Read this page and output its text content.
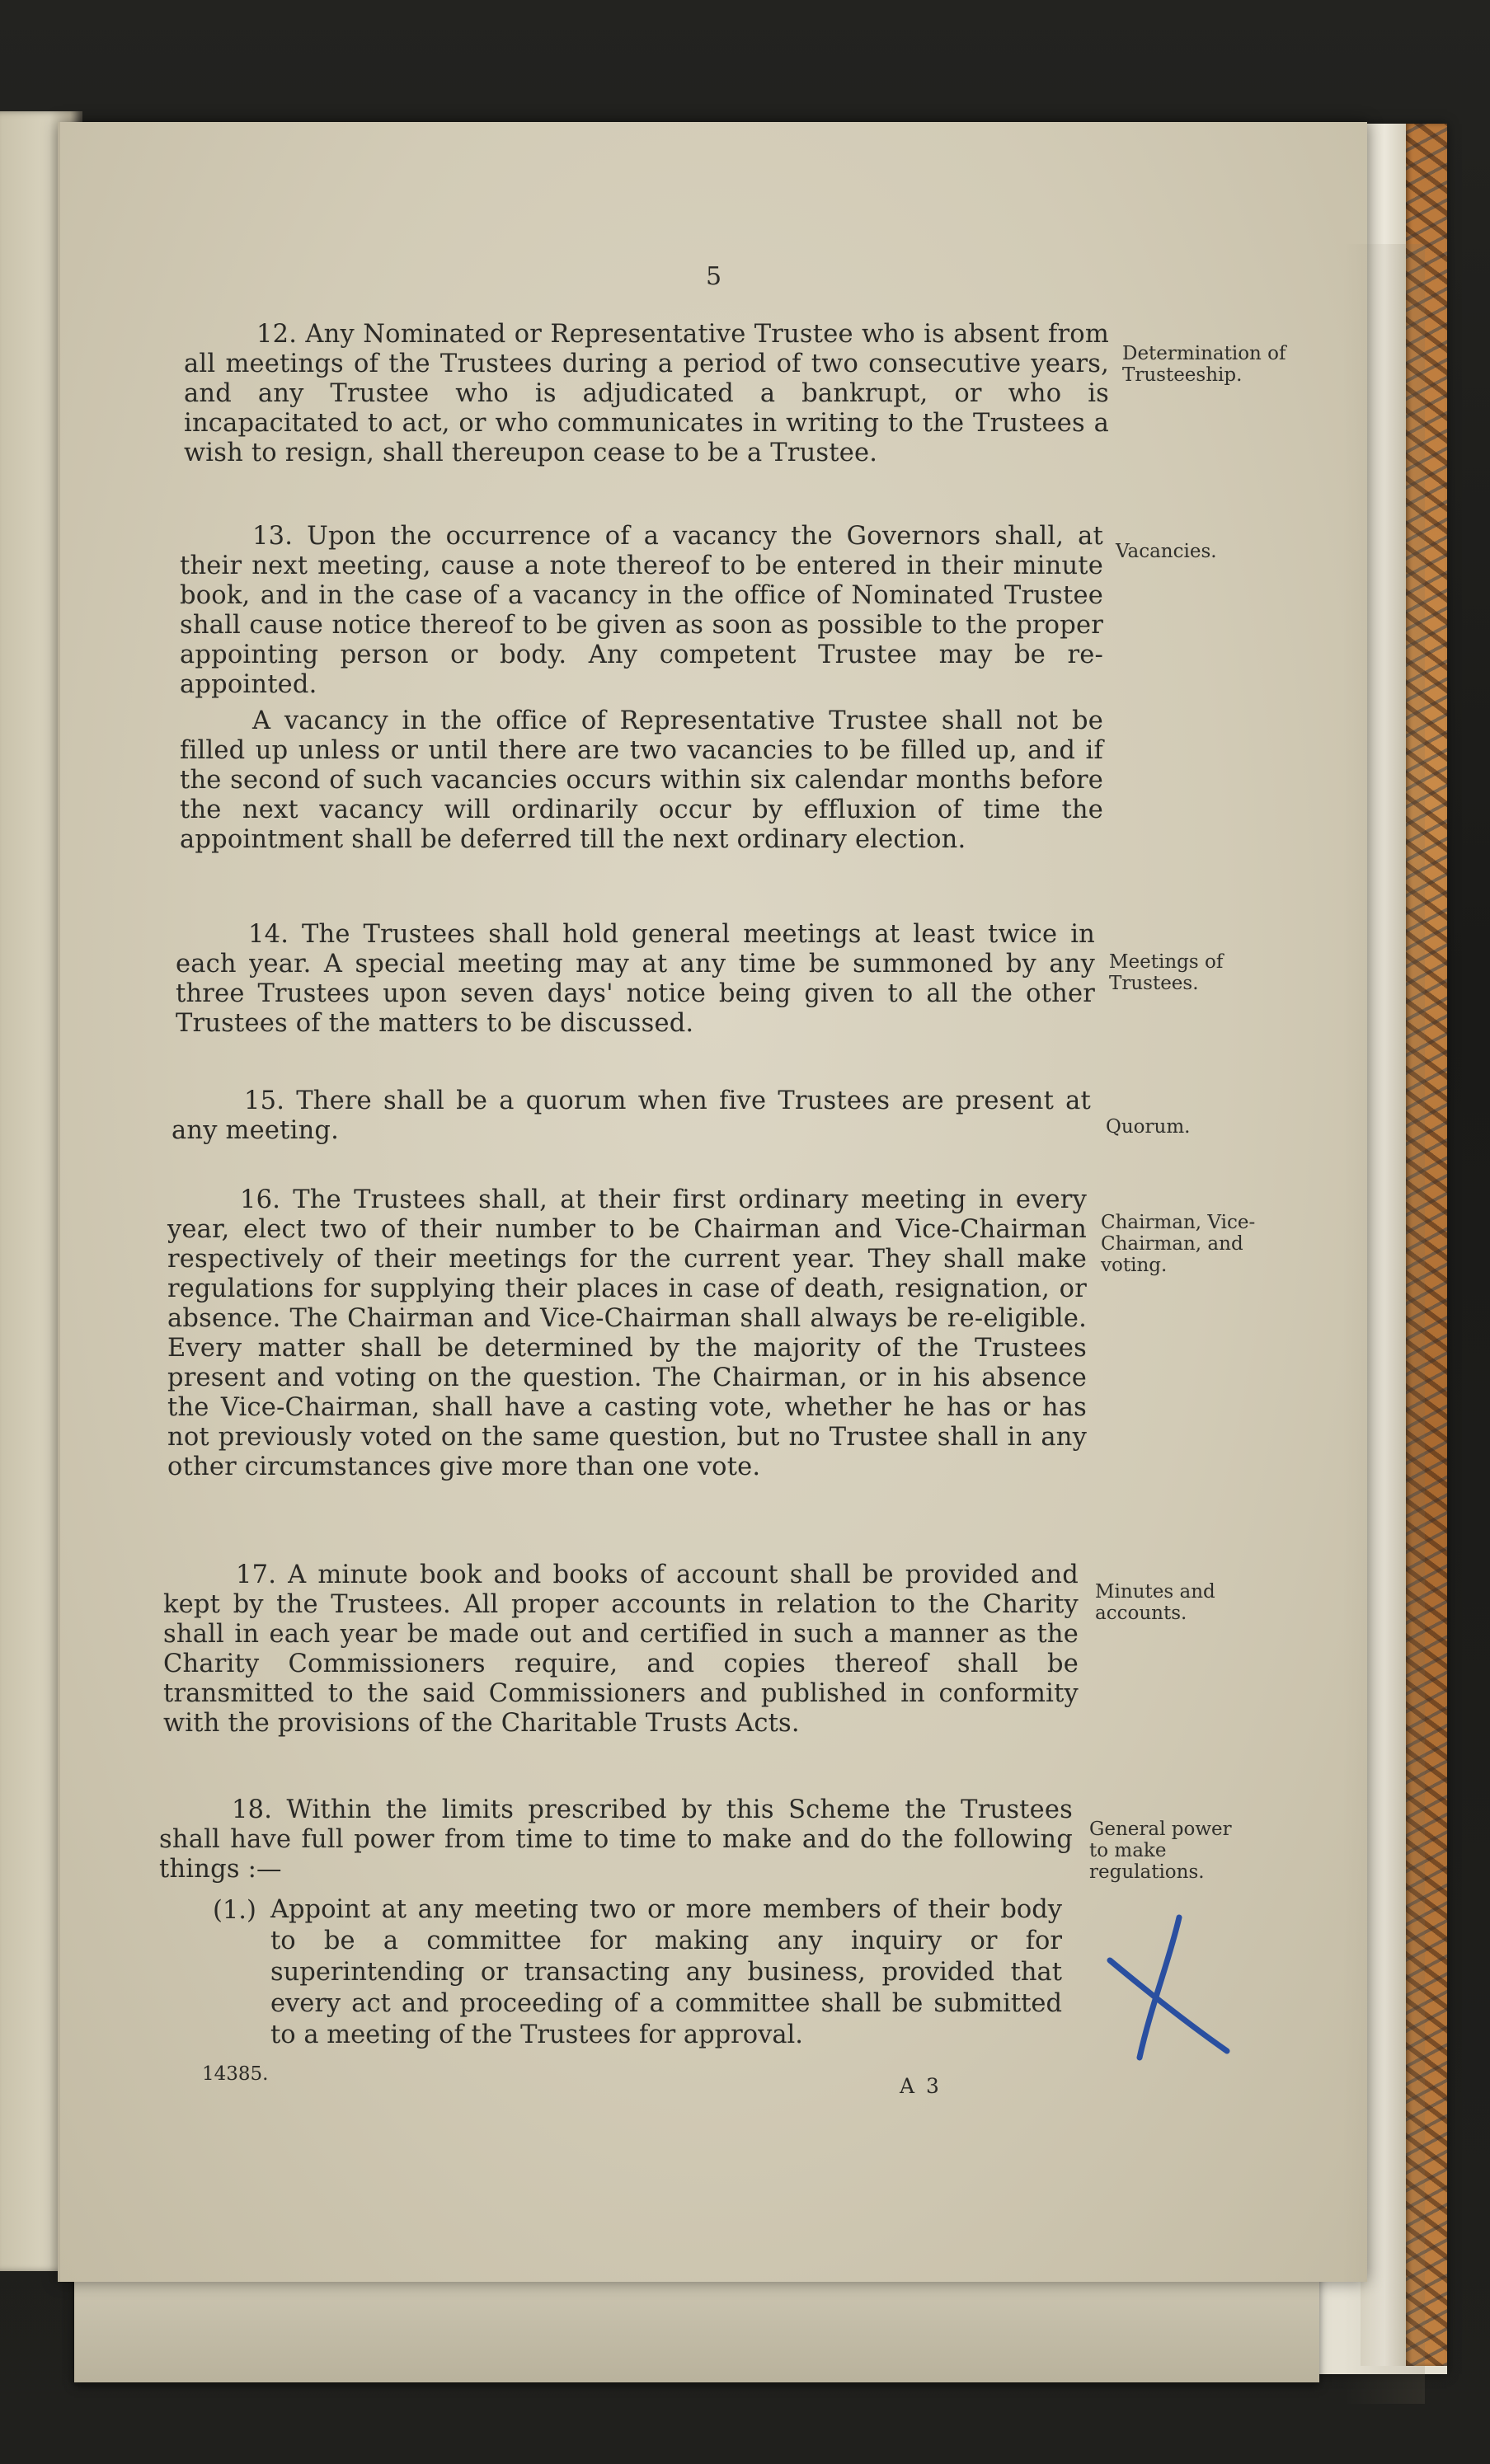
5

12. Any Nominated or Representative Trustee who is absent from all meetings of the Trustees during a period of two consecutive years, and any Trustee who is adjudicated a bankrupt, or who is incapacitated to act, or who communicates in writing to the Trustees a wish to resign, shall thereupon cease to be a Trustee.

Determination of Trusteeship.

13. Upon the occurrence of a vacancy the Governors shall, at their next meeting, cause a note thereof to be entered in their minute book, and in the case of a vacancy in the office of Nominated Trustee shall cause notice thereof to be given as soon as possible to the proper appointing person or body. Any competent Trustee may be re-appointed.

A vacancy in the office of Representative Trustee shall not be filled up unless or until there are two vacancies to be filled up, and if the second of such vacancies occurs within six calendar months before the next vacancy will ordinarily occur by effluxion of time the appointment shall be deferred till the next ordinary election.

Vacancies.

14. The Trustees shall hold general meetings at least twice in each year. A special meeting may at any time be summoned by any three Trustees upon seven days' notice being given to all the other Trustees of the matters to be discussed.

Meetings of Trustees.

15. There shall be a quorum when five Trustees are present at any meeting.	Quorum.

16. The Trustees shall, at their first ordinary meeting in every year, elect two of their number to be Chairman and Vice-Chairman respectively of their meetings for the current year. They shall make regulations for supplying their places in case of death, resignation, or absence. The Chairman and Vice-Chairman shall always be re-eligible. Every matter shall be determined by the majority of the Trustees present and voting on the question. The Chairman, or in his absence the Vice-Chairman, shall have a casting vote, whether he has or has not previously voted on the same question, but no Trustee shall in any other circumstances give more than one vote.

Chairman, Vice-Chairman, and voting.

17. A minute book and books of account shall be provided and kept by the Trustees. All proper accounts in relation to the Charity shall in each year be made out and certified in such a manner as the Charity Commissioners require, and copies thereof shall be transmitted to the said Commissioners and published in conformity with the provisions of the Charitable Trusts Acts.

Minutes and accounts.

18. Within the limits prescribed by this Scheme the Trustees shall have full power from time to time to make and do the following things :—

General power to make regulations.
(1.) Appoint at any meeting two or more members of their body to be a committee for making any inquiry or for superintending or transacting any business, provided that every act and proceeding of a committee shall be submitted to a meeting of the Trustees for approval.
14385.	A 3
